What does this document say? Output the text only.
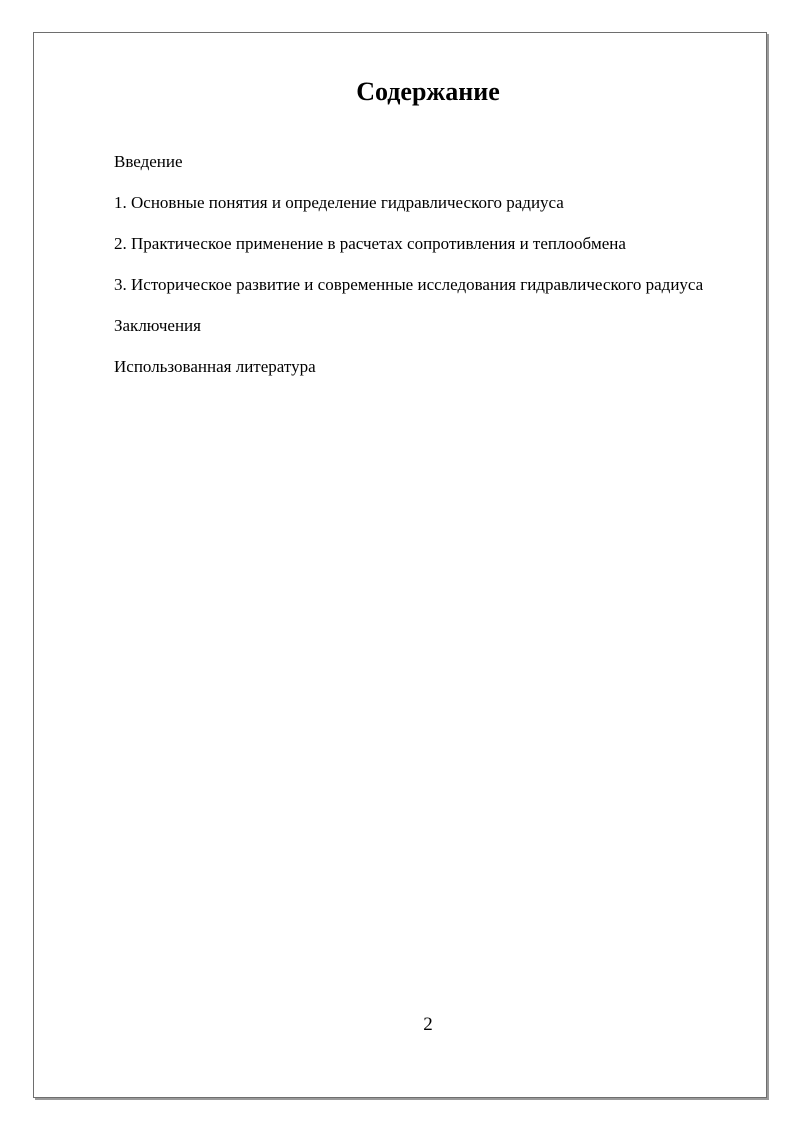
Содержание
Введение
1. Основные понятия и определение гидравлического радиуса
2. Практическое применение в расчетах сопротивления и теплообмена
3. Историческое развитие и современные исследования гидравлического радиуса
Заключения
Использованная литература
2
